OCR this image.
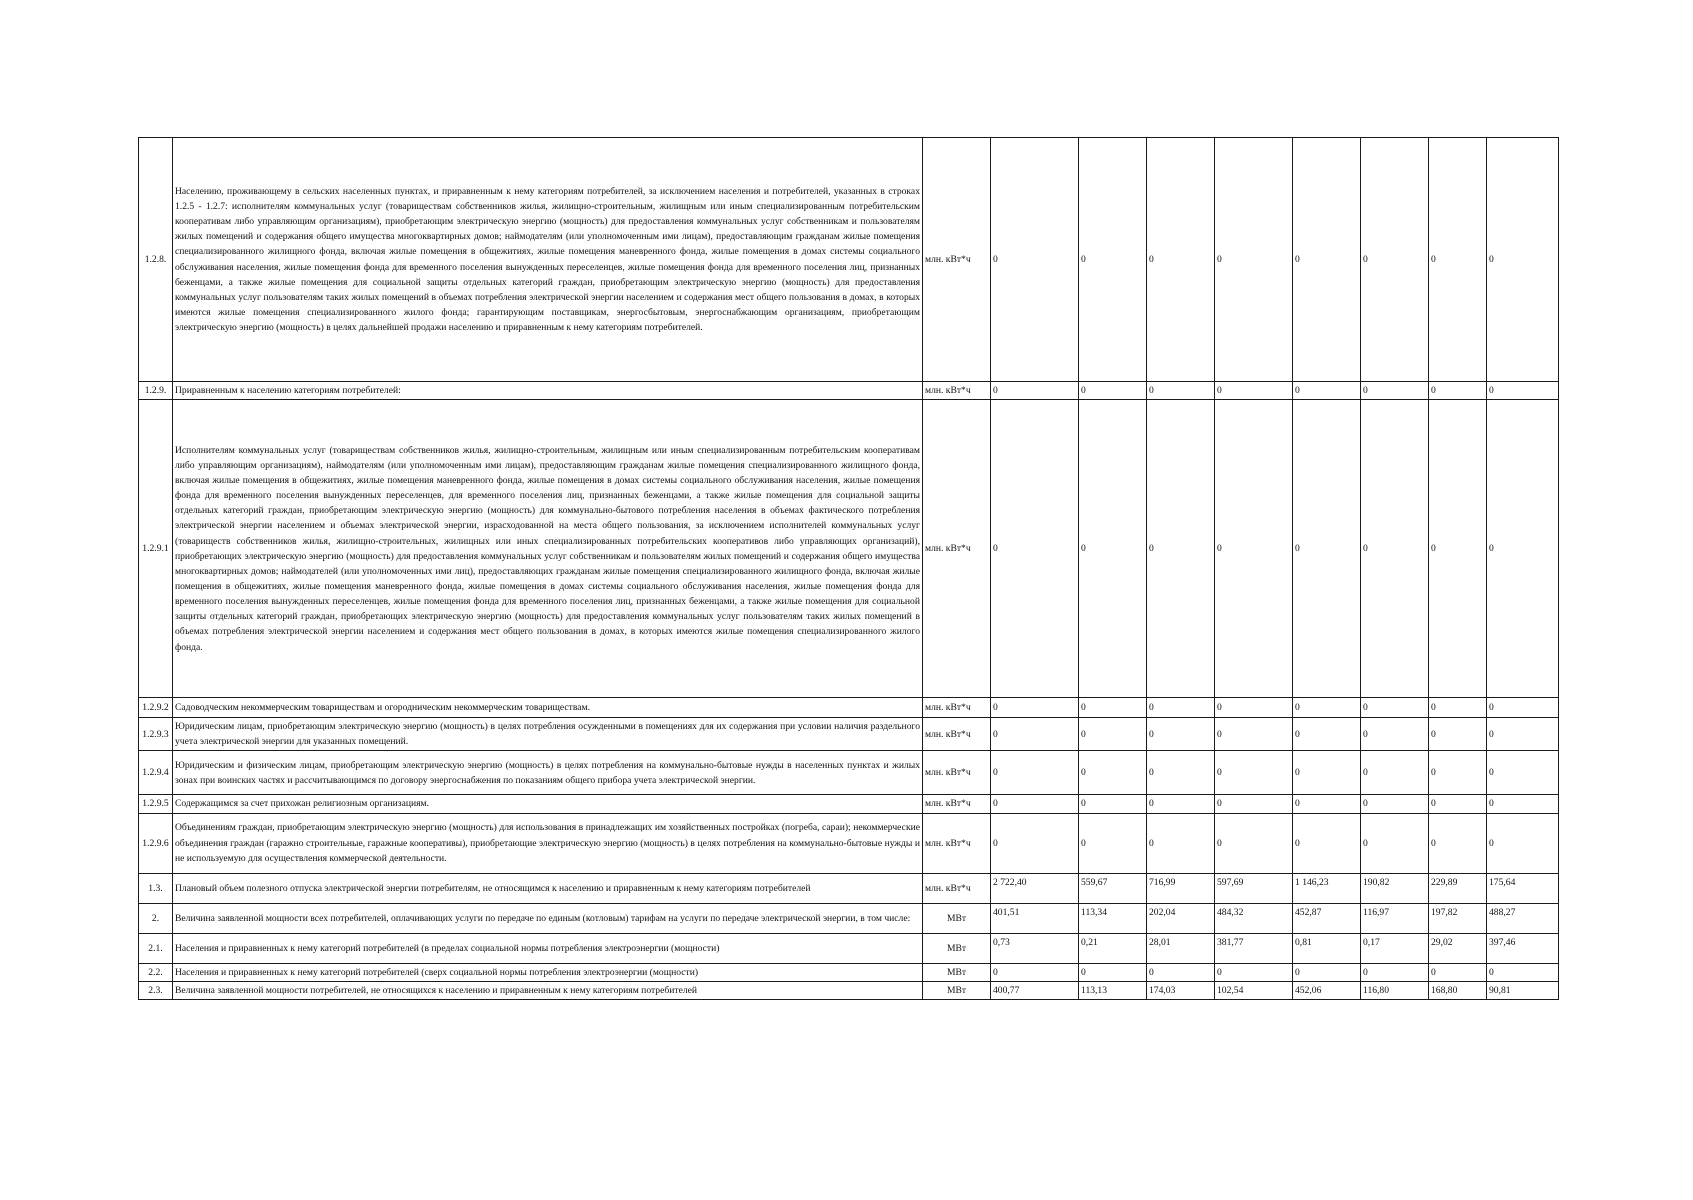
1.2.8.	Населению, проживающему в сельских населенных пунктах, и приравненным к нему категориям потребителей, за исключением населения и потребителей, указанных в строках 1.2.5 - 1.2.7: исполнителям коммунальных услуг (товариществам собственников жилья, жилищно-строительным, жилищным или иным специализированным потребительским кооперативам либо управляющим организациям), приобретающим электрическую энергию (мощность) для предоставления коммунальных услуг собственникам и пользователям жилых помещений и содержания общего имущества многоквартирных домов; наймодателям (или уполномоченным ими лицам), предоставляющим гражданам жилые помещения специализированного жилищного фонда, включая жилые помещения в общежитиях, жилые помещения маневренного фонда, жилые помещения в домах системы социального обслуживания населения, жилые помещения фонда для временного поселения вынужденных переселенцев, жилые помещения фонда для временного поселения лиц, признанных беженцами, а также жилые помещения для социальной защиты отдельных категорий граждан, приобретающим электрическую энергию (мощность) для предоставления коммунальных услуг пользователям таких жилых помещений в объемах потребления электрической энергии населением и содержания мест общего пользования в домах, в которых имеются жилые помещения специализированного жилого фонда; гарантирующим поставщикам, энергосбытовым, энергоснабжающим организациям, приобретающим электрическую энергию (мощность) в целях дальнейшей продажи населению и приравненным к нему категориям потребителей.	млн. кВт*ч	0	0	0	0	0	0	0	0
1.2.9.	Приравненным к населению категориям потребителей:	млн. кВт*ч	0	0	0	0	0	0	0	0
1.2.9.1	Исполнителям коммунальных услуг (товариществам собственников жилья, жилищно-строительным, жилищным или иным специализированным потребительским кооперативам либо управляющим организациям), наймодателям (или уполномоченным ими лицам), предоставляющим гражданам жилые помещения специализированного жилищного фонда, включая жилые помещения в общежитиях, жилые помещения маневренного фонда, жилые помещения в домах системы социального обслуживания населения, жилые помещения фонда для временного поселения вынужденных переселенцев, для временного поселения лиц, признанных беженцами, а также жилые помещения для социальной защиты отдельных категорий граждан, приобретающим электрическую энергию (мощность) для коммунально-бытового потребления населения в объемах фактического потребления электрической энергии населением и объемах электрической энергии, израсходованной на места общего пользования, за исключением исполнителей коммунальных услуг (товариществ собственников жилья, жилищно-строительных, жилищных или иных специализированных потребительских кооперативов либо управляющих организаций), приобретающих электрическую энергию (мощность) для предоставления коммунальных услуг собственникам и пользователям жилых помещений и содержания общего имущества многоквартирных домов; наймодателей (или уполномоченных ими лиц), предоставляющих гражданам жилые помещения специализированного жилищного фонда, включая жилые помещения в общежитиях, жилые помещения маневренного фонда, жилые помещения в домах системы социального обслуживания населения, жилые помещения фонда для временного поселения вынужденных переселенцев, жилые помещения фонда для временного поселения лиц, признанных беженцами, а также жилые помещения для социальной защиты отдельных категорий граждан, приобретающих электрическую энергию (мощность) для предоставления коммунальных услуг пользователям таких жилых помещений в объемах потребления электрической энергии населением и содержания мест общего пользования в домах, в которых имеются жилые помещения специализированного жилого фонда.	млн. кВт*ч	0	0	0	0	0	0	0	0
1.2.9.2	Садоводческим некоммерческим товариществам и огородническим некоммерческим товариществам.	млн. кВт*ч	0	0	0	0	0	0	0	0
1.2.9.3	Юридическим лицам, приобретающим электрическую энергию (мощность) в целях потребления осужденными в помещениях для их содержания при условии наличия раздельного учета электрической энергии для указанных помещений.	млн. кВт*ч	0	0	0	0	0	0	0	0
1.2.9.4	Юридическим и физическим лицам, приобретающим электрическую энергию (мощность) в целях потребления на коммунально-бытовые нужды в населенных пунктах и жилых зонах при воинских частях и рассчитывающимся по договору энергоснабжения по показаниям общего прибора учета электрической энергии.	млн. кВт*ч	0	0	0	0	0	0	0	0
1.2.9.5	Содержащимся за счет прихожан религиозным организациям.	млн. кВт*ч	0	0	0	0	0	0	0	0
1.2.9.6	Объединениям граждан, приобретающим электрическую энергию (мощность) для использования в принадлежащих им хозяйственных постройках (погреба, сараи); некоммерческие объединения граждан (гаражно строительные, гаражные кооперативы), приобретающие электрическую энергию (мощность) в целях потребления на коммунально-бытовые нужды и не используемую для осуществления коммерческой деятельности.	млн. кВт*ч	0	0	0	0	0	0	0	0
1.3.	Плановый объем полезного отпуска электрической энергии потребителям, не относящимся к населению и приравненным к нему категориям потребителей	млн. кВт*ч	2 722,40	559,67	716,99	597,69	1 146,23	190,82	229,89	175,64
2.	Величина заявленной мощности всех потребителей, оплачивающих услуги по передаче по единым (котловым) тарифам на услуги по передаче электрической энергии, в том числе:	МВт	401,51	113,34	202,04	484,32	452,87	116,97	197,82	488,27
2.1.	Населения и приравненных к нему категорий потребителей (в пределах социальной нормы потребления электроэнергии (мощности)	МВт	0,73	0,21	28,01	381,77	0,81	0,17	29,02	397,46
2.2.	Населения и приравненных к нему категорий потребителей (сверх социальной нормы потребления электроэнергии (мощности)	МВт	0	0	0	0	0	0	0	0
2.3.	Величина заявленной мощности потребителей, не относящихся к населению и приравненным к нему категориям потребителей	МВт	400,77	113,13	174,03	102,54	452,06	116,80	168,80	90,81
